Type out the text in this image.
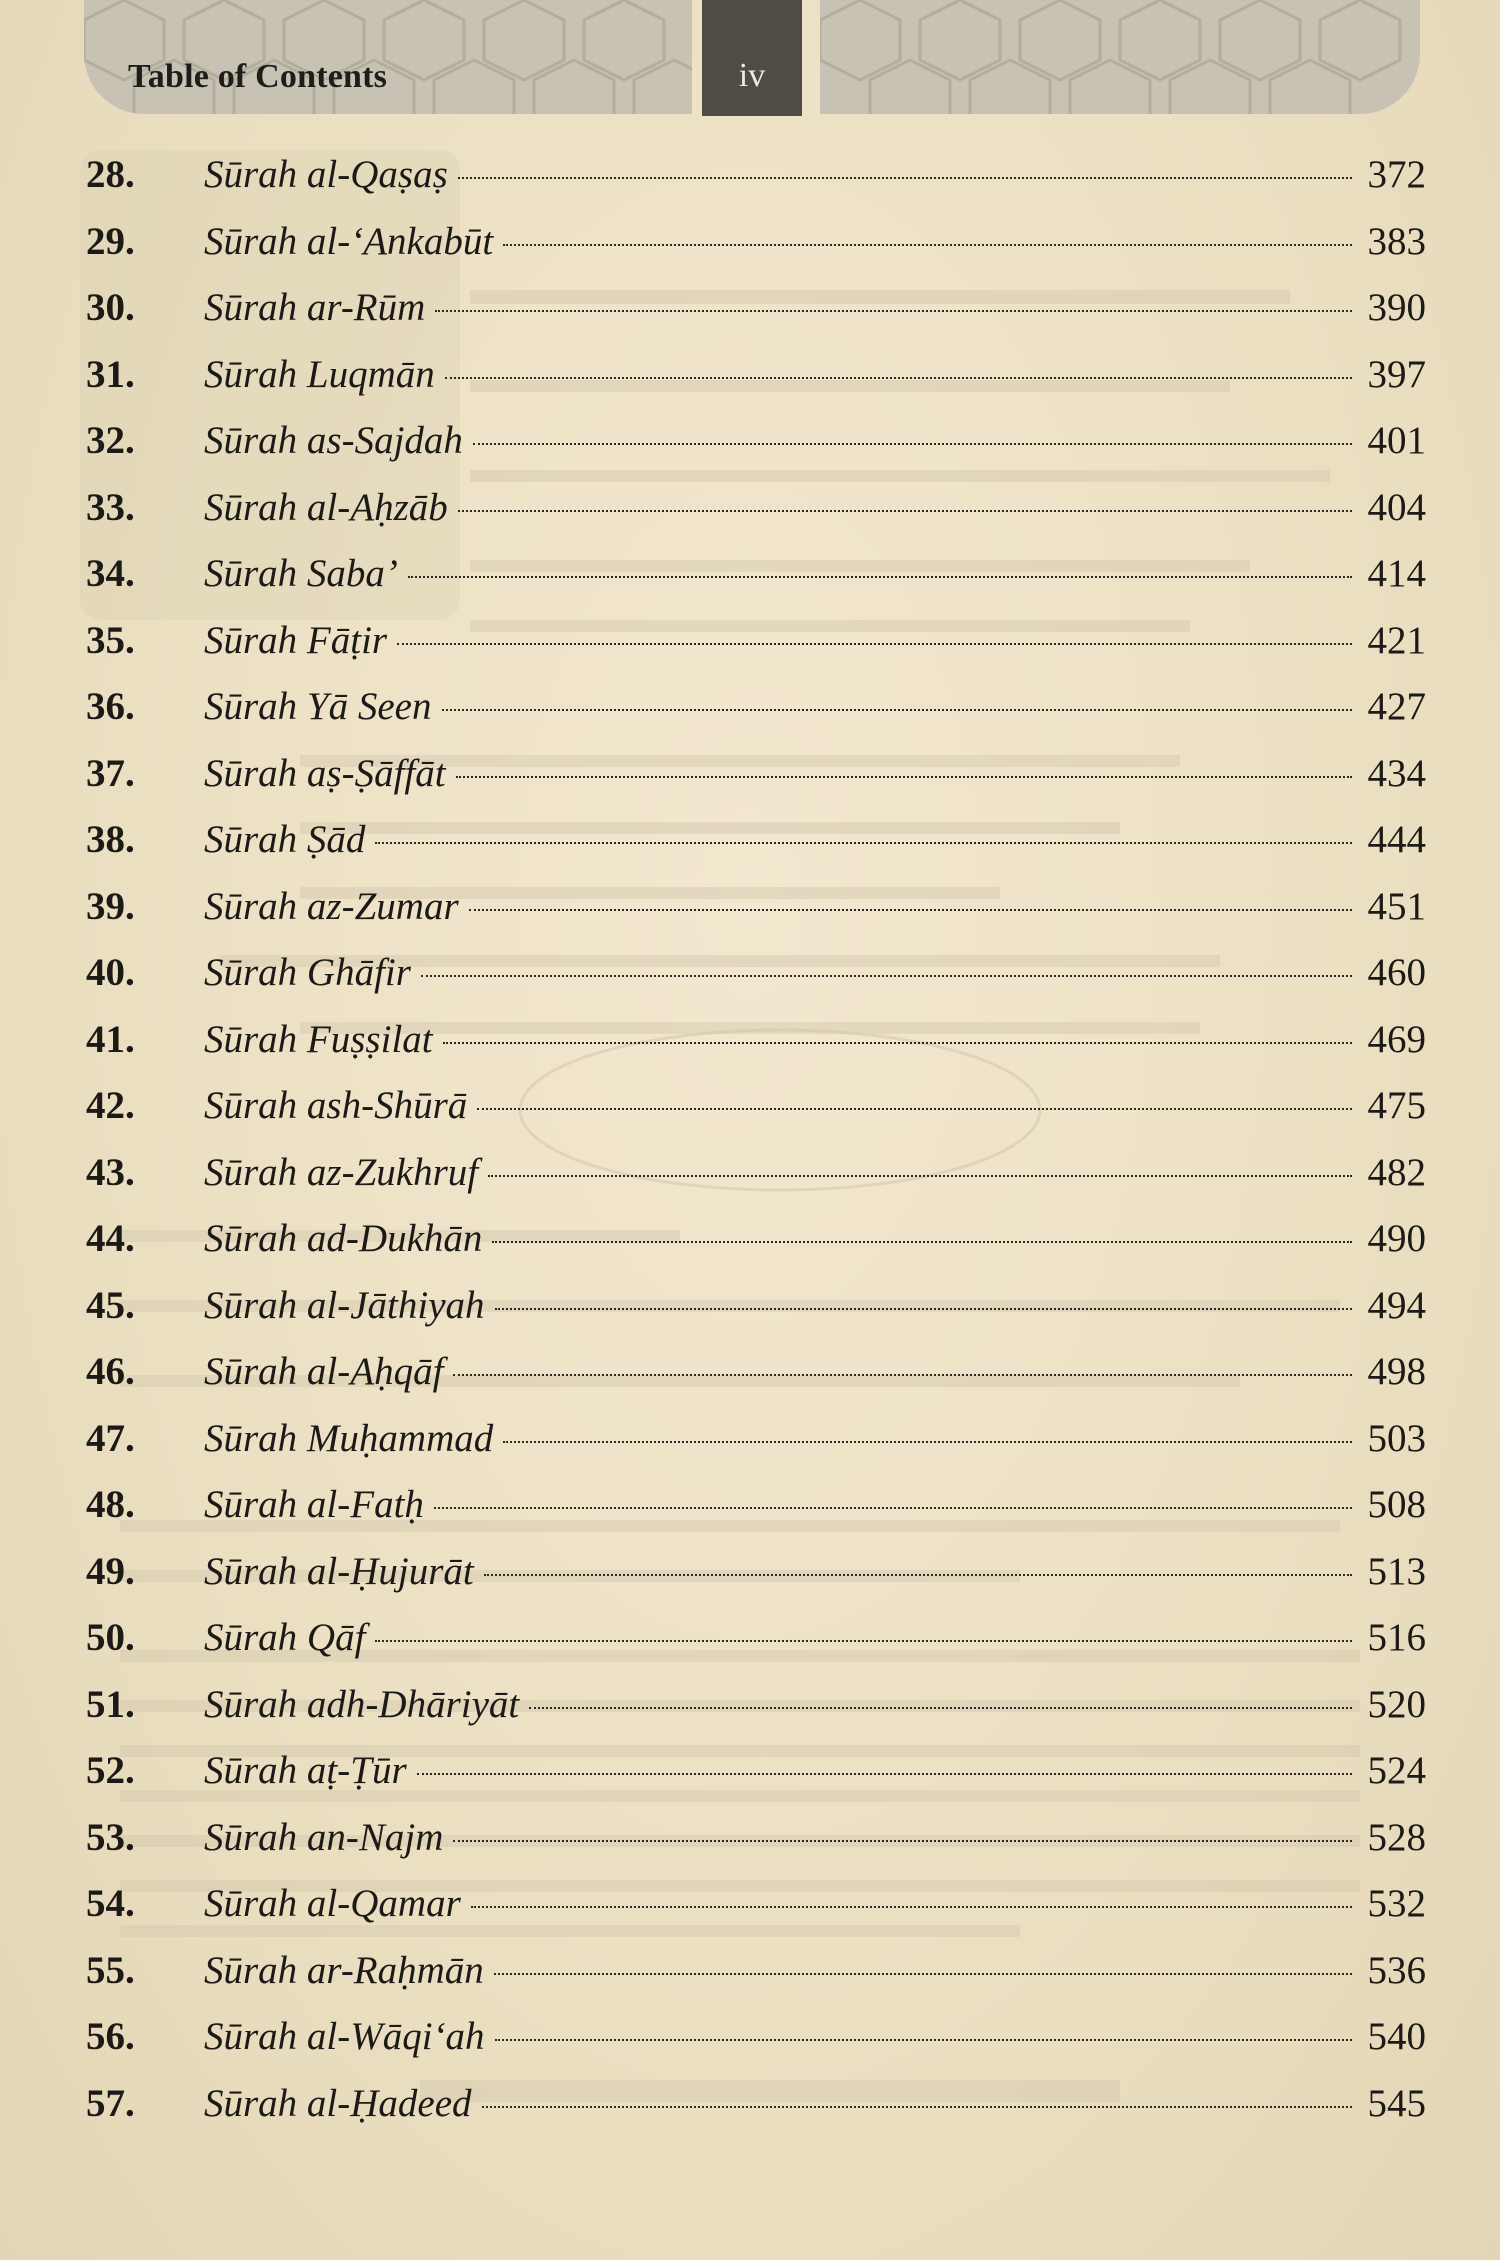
Table of Contents	iv
28.	Sūrah al-Qaṣaṣ	372
29.	Sūrah al-‘Ankabūt	383
30.	Sūrah ar-Rūm	390
31.	Sūrah Luqmān	397
32.	Sūrah as-Sajdah	401
33.	Sūrah al-Aḥzāb	404
34.	Sūrah Saba’	414
35.	Sūrah Fāṭir	421
36.	Sūrah Yā Seen	427
37.	Sūrah aṣ-Ṣāffāt	434
38.	Sūrah Ṣād	444
39.	Sūrah az-Zumar	451
40.	Sūrah Ghāfir	460
41.	Sūrah Fuṣṣilat	469
42.	Sūrah ash-Shūrā	475
43.	Sūrah az-Zukhruf	482
44.	Sūrah ad-Dukhān	490
45.	Sūrah al-Jāthiyah	494
46.	Sūrah al-Aḥqāf	498
47.	Sūrah Muḥammad	503
48.	Sūrah al-Fatḥ	508
49.	Sūrah al-Ḥujurāt	513
50.	Sūrah Qāf	516
51.	Sūrah adh-Dhāriyāt	520
52.	Sūrah aṭ-Ṭūr	524
53.	Sūrah an-Najm	528
54.	Sūrah al-Qamar	532
55.	Sūrah ar-Raḥmān	536
56.	Sūrah al-Wāqi‘ah	540
57.	Sūrah al-Ḥadeed	545
